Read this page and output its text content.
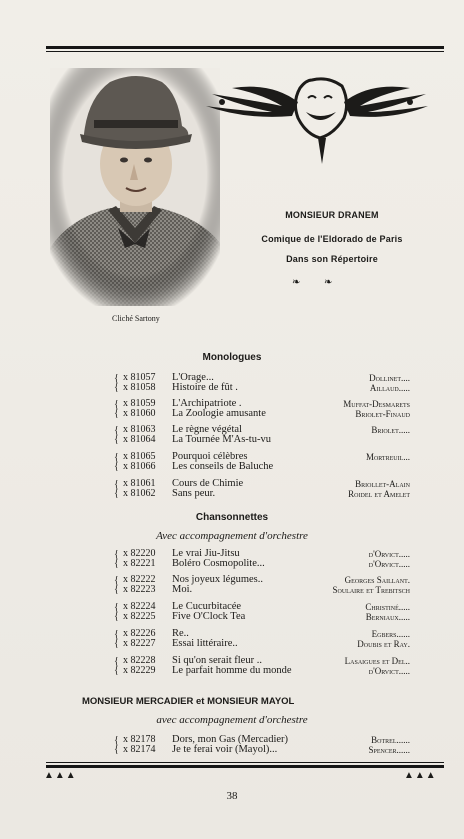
Cliché Sartony
MONSIEUR DRANEM
Comique de l'Eldorado de Paris
Dans son Répertoire
❧ ❧
Monologues
Chansonnettes
Avec accompagnement d'orchestre
MONSIEUR MERCADIER et MONSIEUR MAYOL
avec accompagnement d'orchestre
▲▲▲	▲▲▲
38
{
{
x 81057 L'Orage...	Dollinet....
x 81058 Histoire de fût .	Aillaud.....
{
{
x 81059 L'Archipatriote .	Muffat-Desmarets
x 81060 La Zoologie amusante	Briolet-Finaud
{
{
x 81063 Le règne végétal	Briolet.....
x 81064 La Tournée M'As-tu-vu
{
{
x 81065 Pourquoi célèbres	Mortreuil...
x 81066 Les conseils de Baluche
{
{
x 81061 Cours de Chimie	Briollet-Alain
x 81062 Sans peur.	Roidel et Amelet
{
{
x 82220 Le vrai Jiu-Jitsu	d'Orvict.....
x 82221 Boléro Cosmopolite...	d'Orvict.....
{
{
x 82222 Nos joyeux légumes..	Georges Saillant.
x 82223 Moi.	Soulaire et Trebitsch
{
{
x 82224 Le Cucurbitacée	Christiné.....
x 82225 Five O'Clock Tea	Berniaux.....
{
{
x 82226 Re..	Egbers......
x 82227 Essai littéraire..	Doubis et Ray.
{
{
x 82228 Si qu'on serait fleur ..	Lasaigues et Del..
x 82229 Le parfait homme du monde	d'Orvict.....
{
{
x 82178 Dors, mon Gas (Mercadier)	Botrel......
x 82174 Je te ferai voir (Mayol)...	Spencer......
